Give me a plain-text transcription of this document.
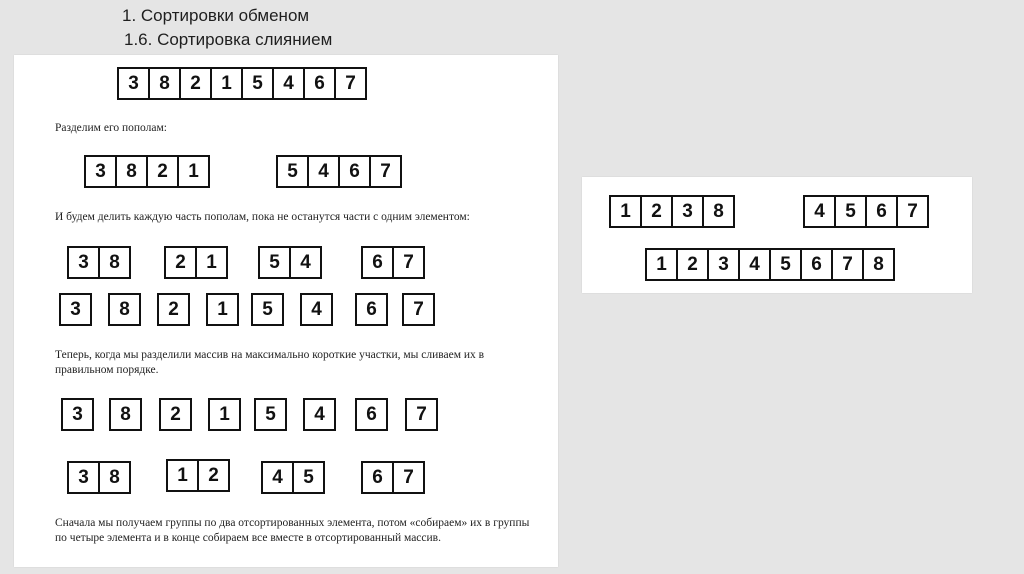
1. Сортировки обменом
1.6. Сортировка слиянием
3	8	2	1	5	4	6	7
Разделим его пополам:
3	8	2	1	5	4	6	7
И будем делить каждую часть пополам, пока не останутся части с одним элементом:
3	8	2	1	5	4	6	7
3	8	2	1	5	4	6	7
Теперь, когда мы разделили массив на максимально короткие участки, мы сливаем их в правильном порядке.
3	8	2	1	5	4	6	7
3	8	1	2	4	5	6	7
Сначала мы получаем группы по два отсортированных элемента, потом «собираем» их в группы по четыре элемента и в конце собираем все вместе в отсортированный массив.
1	2	3	8	4	5	6	7
1	2	3	4	5	6	7	8
